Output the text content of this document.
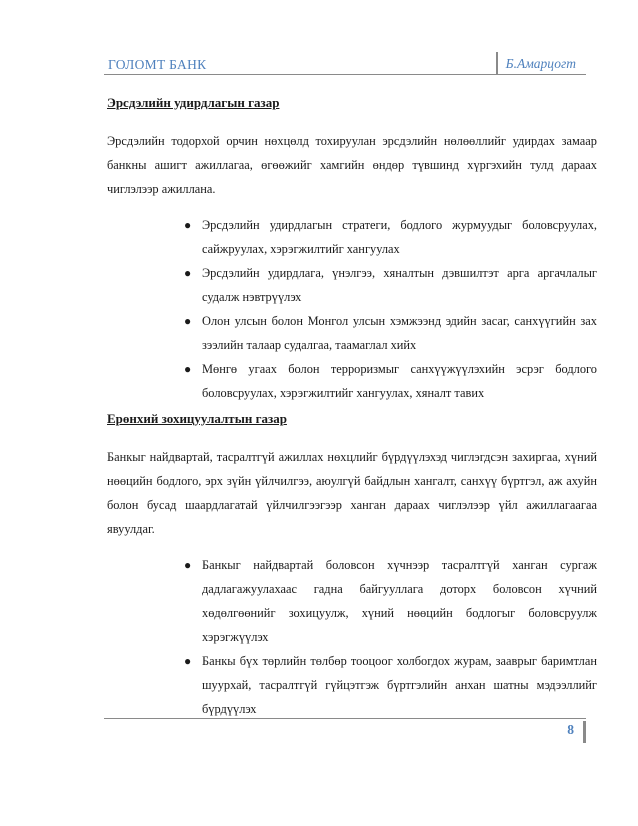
ГОЛОМТ БАНК	Б.Амарцогт

Эрсдэлийн удирдлагын газар

Эрсдэлийн тодорхой орчин нөхцөлд тохируулан эрсдэлийн нөлөөллийг удирдах замаар банкны ашигт ажиллагаа, өгөөжийг хамгийн өндөр түвшинд хүргэхийн тулд дараах чиглэлээр ажиллана.

● Эрсдэлийн удирдлагын стратеги, бодлого журмуудыг боловсруулах, сайжруулах, хэрэгжилтийг хангуулах
● Эрсдэлийн удирдлага, үнэлгээ, хяналтын дэвшилтэт арга аргачлалыг судалж нэвтрүүлэх
● Олон улсын болон Монгол улсын хэмжээнд эдийн засаг, санхүүгийн зах зээлийн талаар судалгаа, таамаглал хийх
● Мөнгө угаах болон терроризмыг санхүүжүүлэхийн эсрэг бодлого боловсруулах, хэрэгжилтийг хангуулах, хяналт тавих

Ерөнхий зохицуулалтын газар

Банкыг найдвартай, тасралтгүй ажиллах нөхцлийг бүрдүүлэхэд чиглэгдсэн захиргаа, хүний нөөцийн бодлого, эрх зүйн үйлчилгээ, аюулгүй байдлын хангалт, санхүү бүртгэл, аж ахуйн болон бусад шаардлагатай үйлчилгээгээр ханган дараах чиглэлээр үйл ажиллагаагаа явуулдаг.

● Банкыг найдвартай боловсон хүчнээр тасралтгүй ханган сургаж дадлагажуулахаас гадна байгууллага доторх боловсон хүчний хөдөлгөөнийг зохицуулж, хүний нөөцийн бодлогыг боловсруулж хэрэгжүүлэх
● Банкы бүх төрлийн төлбөр тооцоог холбогдох журам, зааврыг баримтлан шуурхай, тасралтгүй гүйцэтгэж бүртгэлийн анхан шатны мэдээллийг бүрдүүлэх
8
